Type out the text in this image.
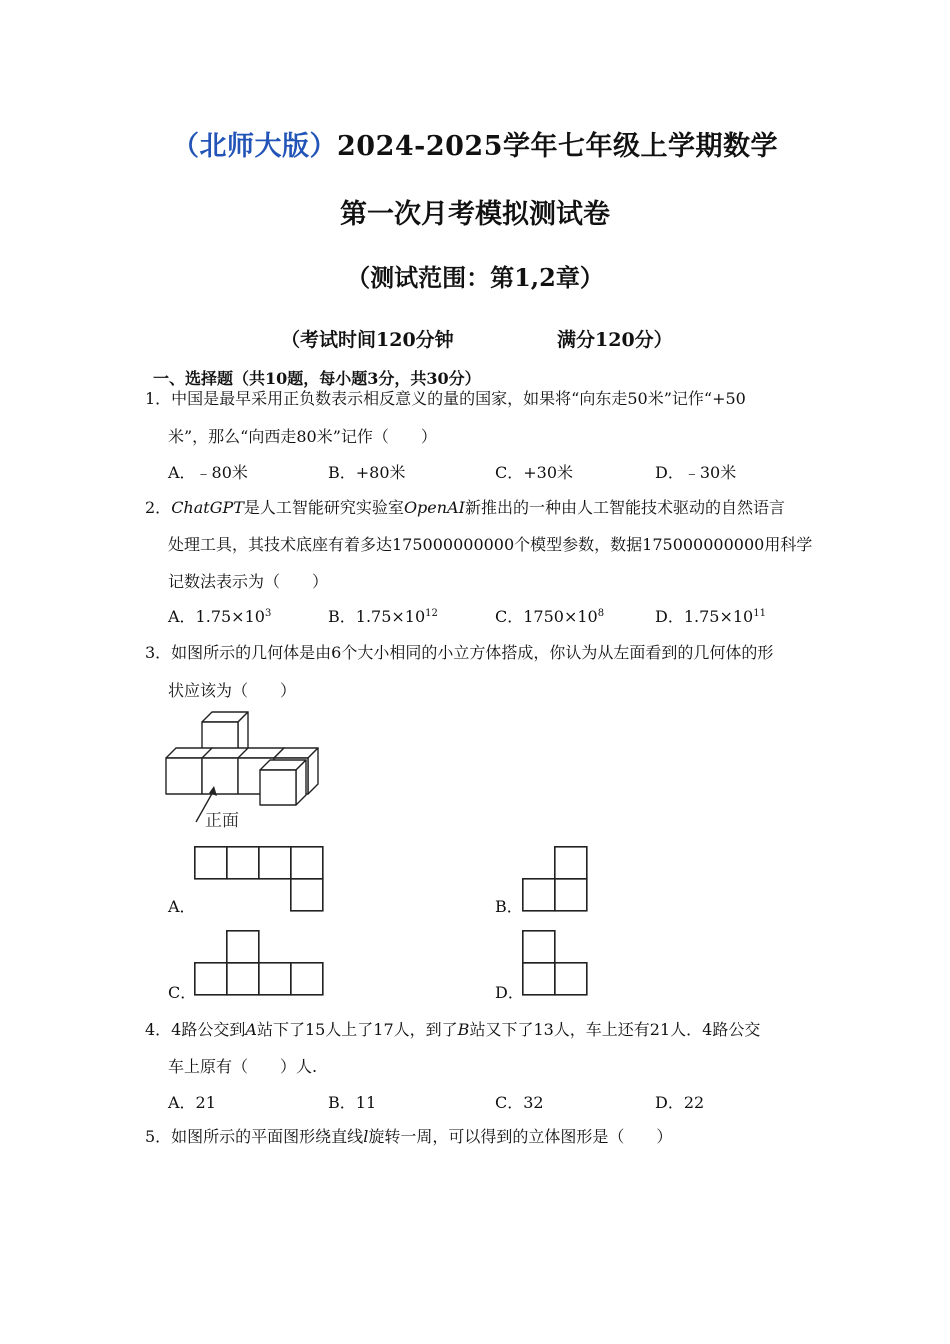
（北师大版）2024-2025学年七年级上学期数学
第一次月考模拟测试卷
（测试范围：第1,2章）
（考试时间120分钟	满分120分）
一、选择题（共10题，每小题3分，共30分）
1．中国是最早采用正负数表示相反意义的量的国家，如果将“向东走50米”记作“+50
米”，那么“向西走80米”记作（　　）
A．﹣80米	B．+80米	C．+30米	D．﹣30米
2．ChatGPT是人工智能研究实验室OpenAI新推出的一种由人工智能技术驱动的自然语言
处理工具，其技术底座有着多达175000000000个模型参数，数据175000000000用科学
记数法表示为（　　）
A．$1.75\times 10^3$	B．$1.75\times 10^{12}$	C．$1750\times 10^8$	D．$1.75\times 10^{11}$
3．如图所示的几何体是由6个大小相同的小立方体搭成，你认为从左面看到的几何体的形
状应该为（　　）
正面
A．	B．
C．	D．
4．4路公交到A站下了15人上了17人，到了B站又下了13人，车上还有21人．4路公交
车上原有（　　）人.
A．21	B．11	C．32	D．22
5．如图所示的平面图形绕直线l旋转一周，可以得到的立体图形是（　　）
